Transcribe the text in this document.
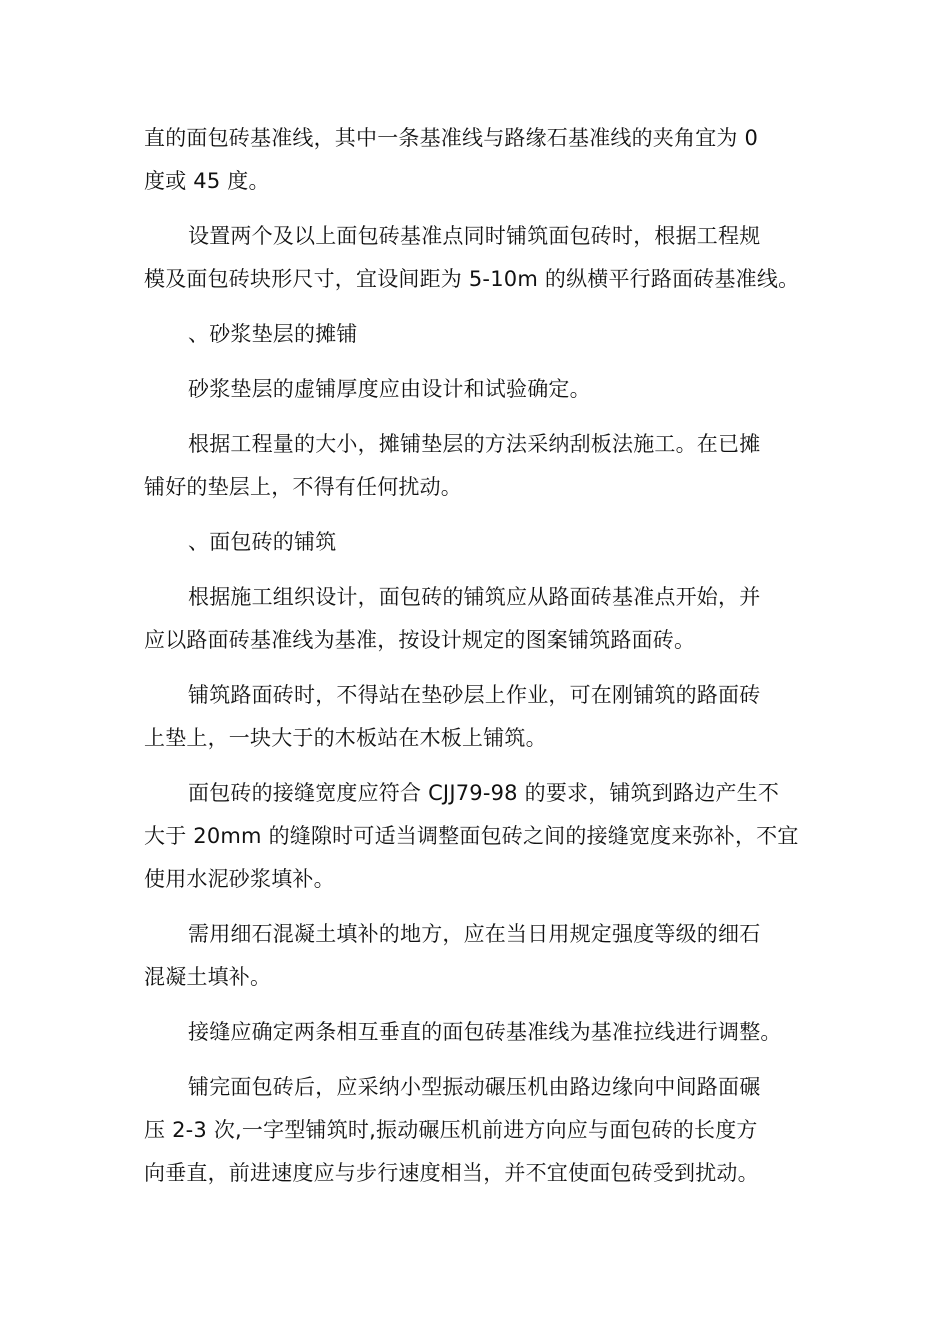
直的面包砖基准线，其中一条基准线与路缘石基准线的夹角宜为 0
度或 45 度。
设置两个及以上面包砖基准点同时铺筑面包砖时，根据工程规
模及面包砖块形尺寸，宜设间距为 5-10m 的纵横平行路面砖基准线。
、砂浆垫层的摊铺
砂浆垫层的虚铺厚度应由设计和试验确定。
根据工程量的大小，摊铺垫层的方法采纳刮板法施工。在已摊
铺好的垫层上，不得有任何扰动。
、面包砖的铺筑
根据施工组织设计，面包砖的铺筑应从路面砖基准点开始，并
应以路面砖基准线为基准，按设计规定的图案铺筑路面砖。
铺筑路面砖时，不得站在垫砂层上作业，可在刚铺筑的路面砖
上垫上，一块大于的木板站在木板上铺筑。
面包砖的接缝宽度应符合 CJJ79-98 的要求，铺筑到路边产生不
大于 20mm 的缝隙时可适当调整面包砖之间的接缝宽度来弥补，不宜
使用水泥砂浆填补。
需用细石混凝土填补的地方，应在当日用规定强度等级的细石
混凝土填补。
接缝应确定两条相互垂直的面包砖基准线为基准拉线进行调整。
铺完面包砖后，应采纳小型振动碾压机由路边缘向中间路面碾
压 2-3 次,一字型铺筑时,振动碾压机前进方向应与面包砖的长度方
向垂直，前进速度应与步行速度相当，并不宜使面包砖受到扰动。
